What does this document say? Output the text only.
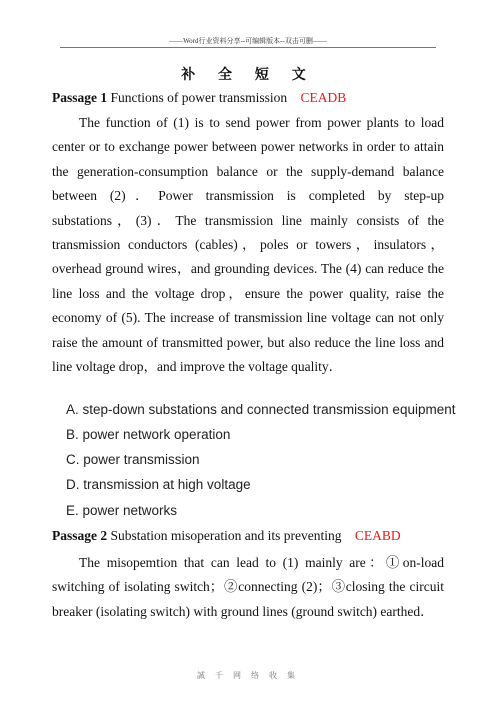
——Word行业资料分享--可编辑版本--双击可删——
补 全 短 文
Passage 1 Functions of power transmission CEADB
The function of (1) is to send power from power plants to load center or to exchange power between power networks in order to attain the generation-consumption balance or the supply-demand balance between (2)．Power transmission is completed by step-up substations，(3)．The transmission line mainly consists of the transmission conductors (cables)，poles or towers，insulators，overhead ground wires，and grounding devices. The (4) can reduce the line loss and the voltage drop，ensure the power quality, raise the economy of (5). The increase of transmission line voltage can not only raise the amount of transmitted power, but also reduce the line loss and line voltage drop，and improve the voltage quality．
A. step-down substations and connected transmission equipment
B. power network operation
C. power transmission
D. transmission at high voltage
E. power networks
Passage 2 Substation misoperation and its preventing CEABD
The misopemtion that can lead to (1) mainly are：①on-load switching of isolating switch；②connecting (2)；③closing the circuit breaker (isolating switch) with ground lines (ground switch) earthed．
誠 千 网 络 收 集
